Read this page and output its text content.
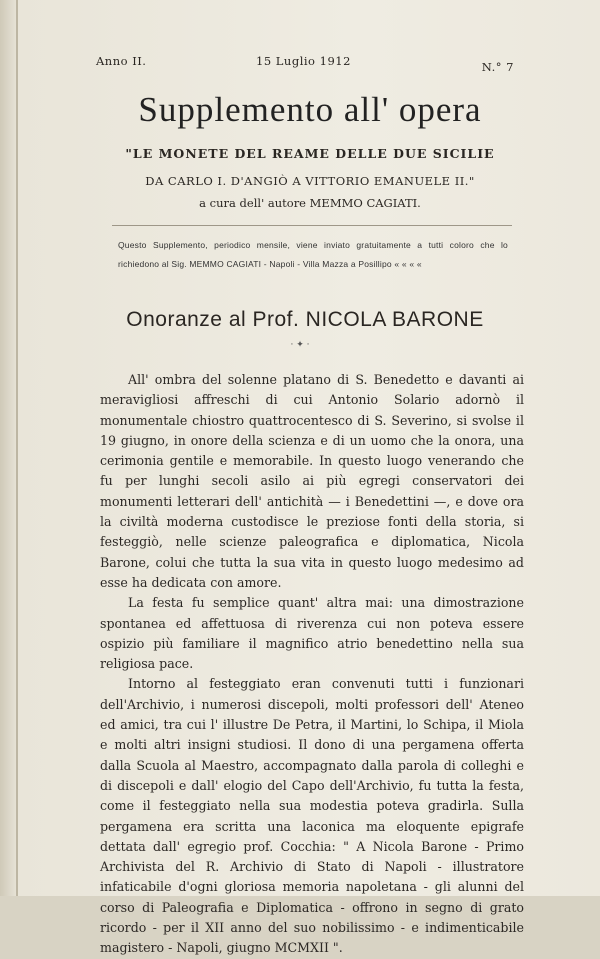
Anno II.	15 Luglio 1912	N.° 7
Supplemento all' opera
"LE MONETE DEL REAME DELLE DUE SICILIE
DA CARLO I. D'ANGIÒ A VITTORIO EMANUELE II."
a cura dell' autore MEMMO CAGIATI.
Questo Supplemento, periodico mensile, viene inviato gratuitamente a tutti coloro che lo richiedono al Sig. MEMMO CAGIATI - Napoli - Villa Mazza a Posillipo « « « «
Onoranze al Prof. NICOLA BARONE
· ✦ ·

All' ombra del solenne platano di S. Benedetto e davanti ai meravigliosi affreschi di cui Antonio Solario adornò il monumentale chiostro quattrocentesco di S. Severino, si svolse il 19 giugno, in onore della scienza e di un uomo che la onora, una cerimonia gentile e memorabile. In questo luogo venerando che fu per lunghi secoli asilo ai più egregi conservatori dei monumenti letterari dell' antichità — i Benedettini —, e dove ora la civiltà moderna custodisce le preziose fonti della storia, si festeggiò, nelle scienze paleografica e diplomatica, Nicola Barone, colui che tutta la sua vita in questo luogo medesimo ad esse ha dedicata con amore.

La festa fu semplice quant' altra mai: una dimostrazione spontanea ed affettuosa di riverenza cui non poteva essere ospizio più familiare il magnifico atrio benedettino nella sua religiosa pace.

Intorno al festeggiato eran convenuti tutti i funzionari dell'Archivio, i numerosi discepoli, molti professori dell' Ateneo ed amici, tra cui l' illustre De Petra, il Martini, lo Schipa, il Miola e molti altri insigni studiosi. Il dono di una pergamena offerta dalla Scuola al Maestro, accompagnato dalla parola di colleghi e di discepoli e dall' elogio del Capo dell'Archivio, fu tutta la festa, come il festeggiato nella sua modestia poteva gradirla. Sulla pergamena era scritta una laconica ma eloquente epigrafe dettata dall' egregio prof. Cocchia: " A Nicola Barone - Primo Archivista del R. Archivio di Stato di Napoli - illustratore infaticabile d'ogni gloriosa memoria napoletana - gli alunni del corso di Paleografia e Diplomatica - offrono in segno di grato ricordo - per il XII anno del suo nobilissimo - e indimenticabile magistero - Napoli, giugno MCMXII ".
